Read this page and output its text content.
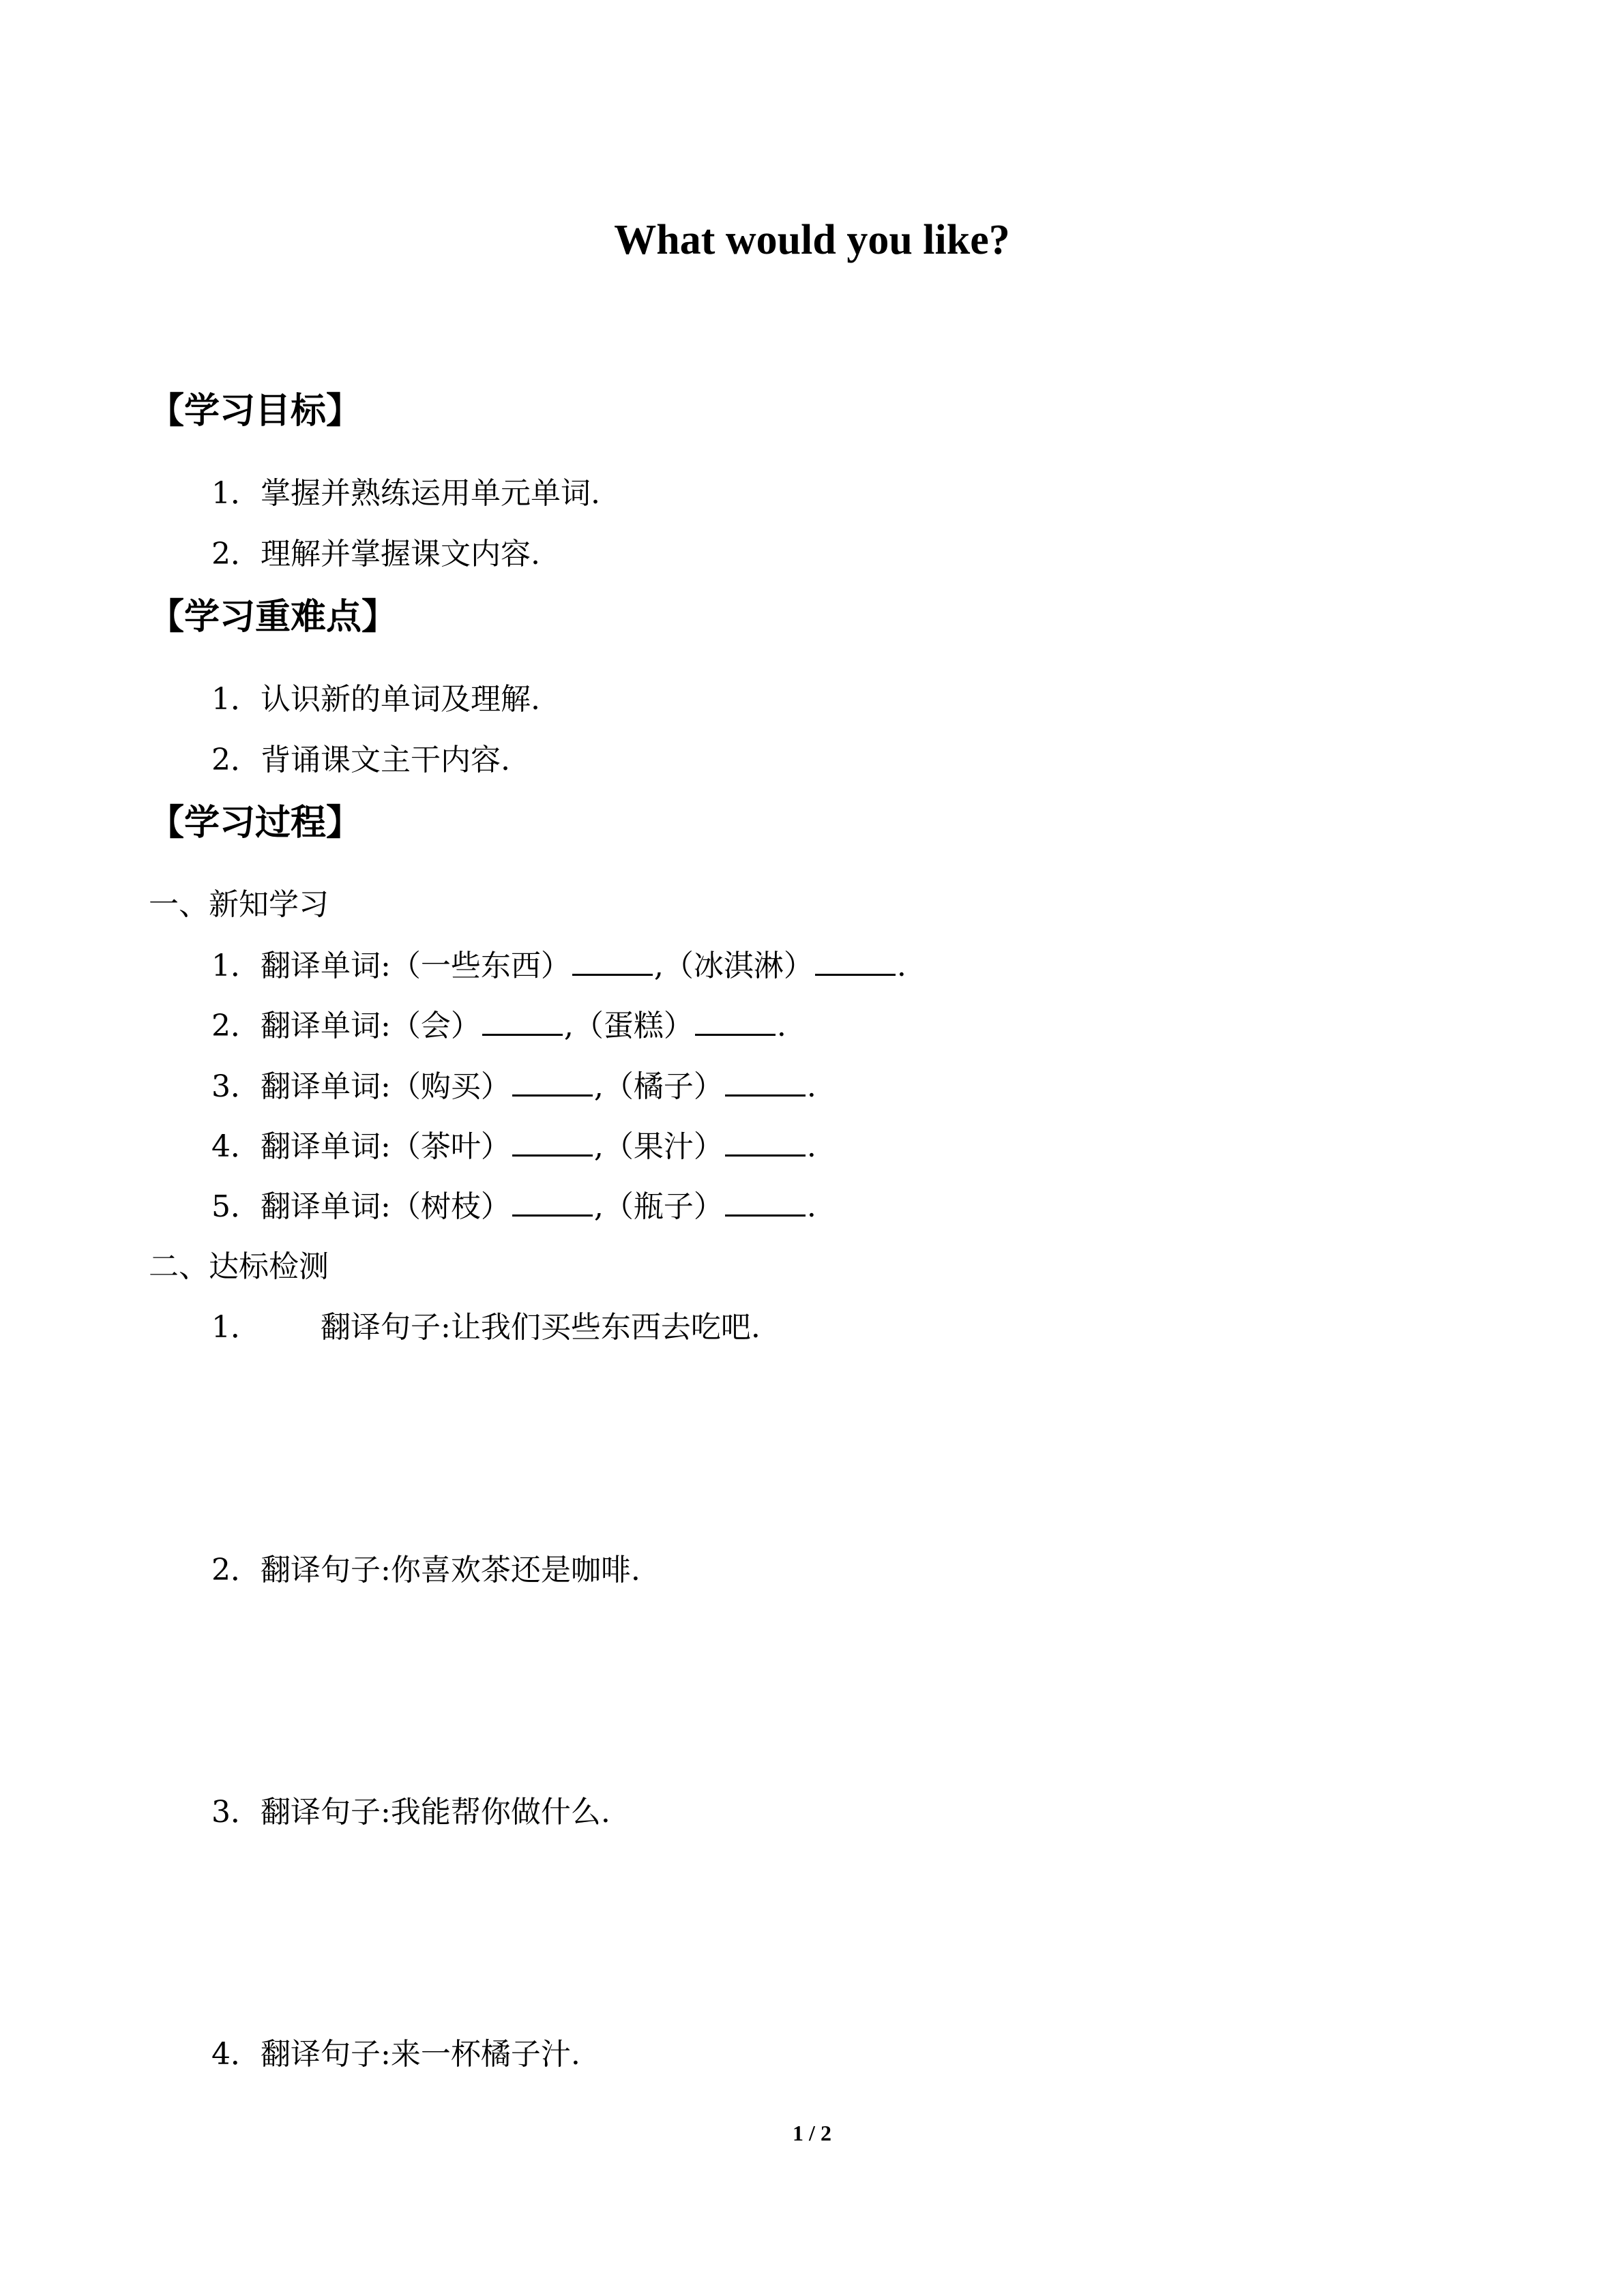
What would you like?
【学习目标】

1．掌握并熟练运用单元单词.

2．理解并掌握课文内容.

【学习重难点】

1．认识新的单词及理解.

2．背诵课文主干内容.

【学习过程】

一、新知学习

1．翻译单词:（一些东西）	,（冰淇淋）	.

2．翻译单词:（会）	,（蛋糕）	.

3．翻译单词:（购买）	,（橘子）	.

4．翻译单词:（茶叶）	,（果汁）	.

5．翻译单词:（树枝）	,（瓶子）	.

二、达标检测

1． 翻译句子:让我们买些东西去吃吧.

2．翻译句子:你喜欢茶还是咖啡.

3．翻译句子:我能帮你做什么.

4．翻译句子:来一杯橘子汁.

1 / 2
